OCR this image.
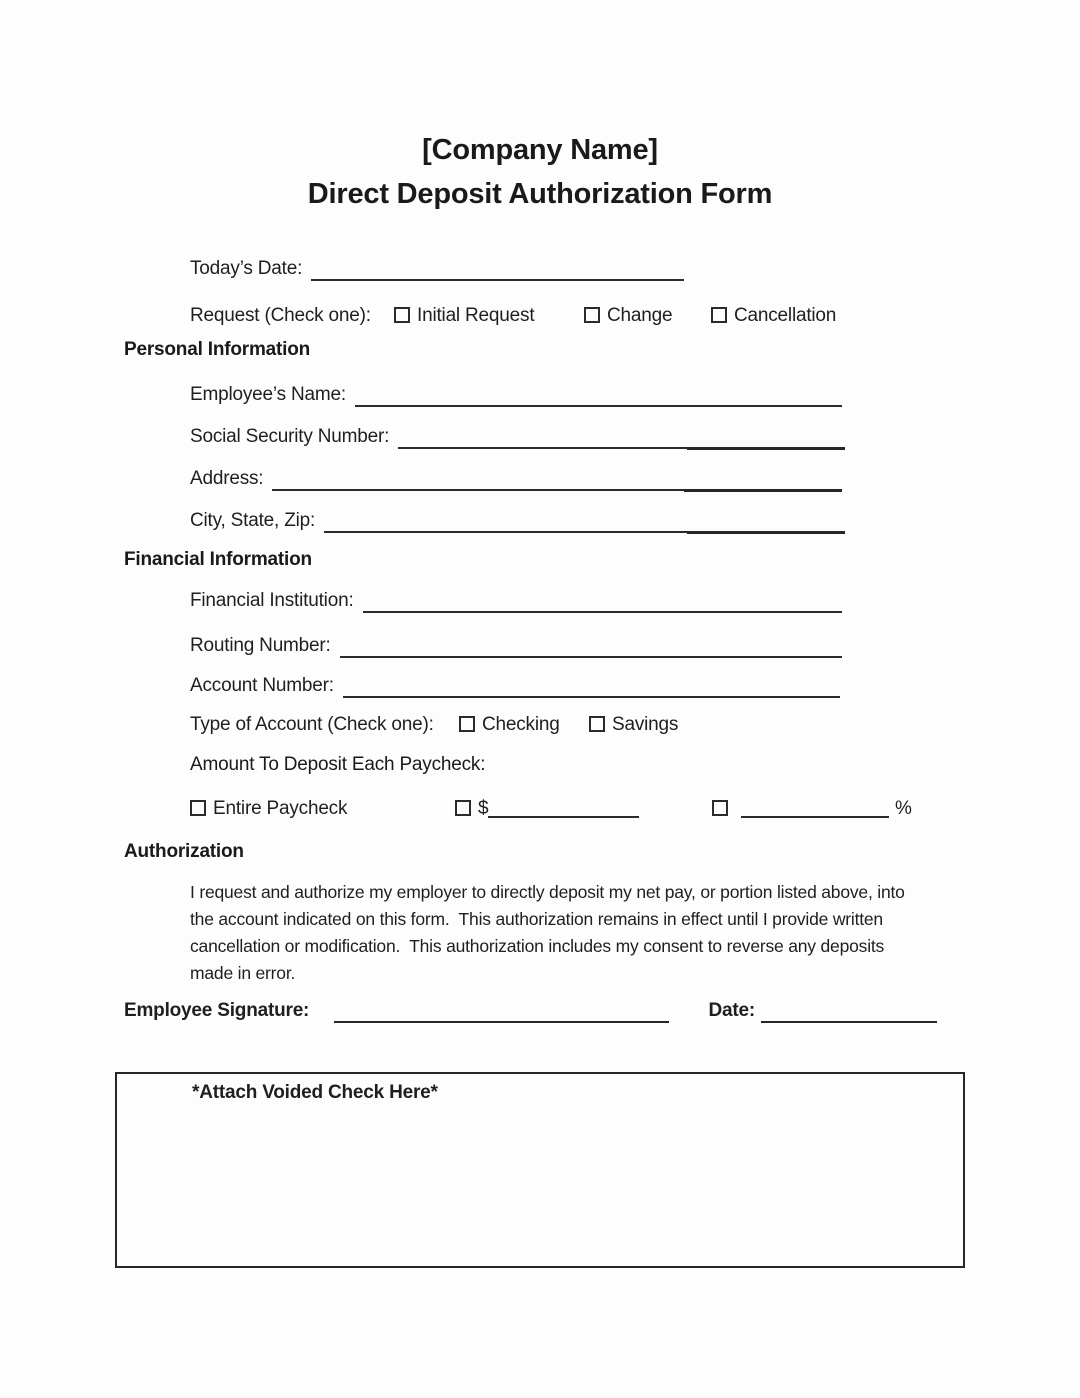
[Company Name]
Direct Deposit Authorization Form
Today’s Date:
Request (Check one):	Initial Request	Change	Cancellation
Personal Information
Employee’s Name:
Social Security Number:
Address:
City, State, Zip:
Financial Information
Financial Institution:
Routing Number:
Account Number:
Type of Account (Check one):	Checking	Savings
Amount To Deposit Each Paycheck:
Entire Paycheck	$	%
Authorization
I request and authorize my employer to directly deposit my net pay, or portion listed above, into
the account indicated on this form.  This authorization remains in effect until I provide written
cancellation or modification.  This authorization includes my consent to reverse any deposits
made in error.
Employee Signature:	Date:
*Attach Voided Check Here*
